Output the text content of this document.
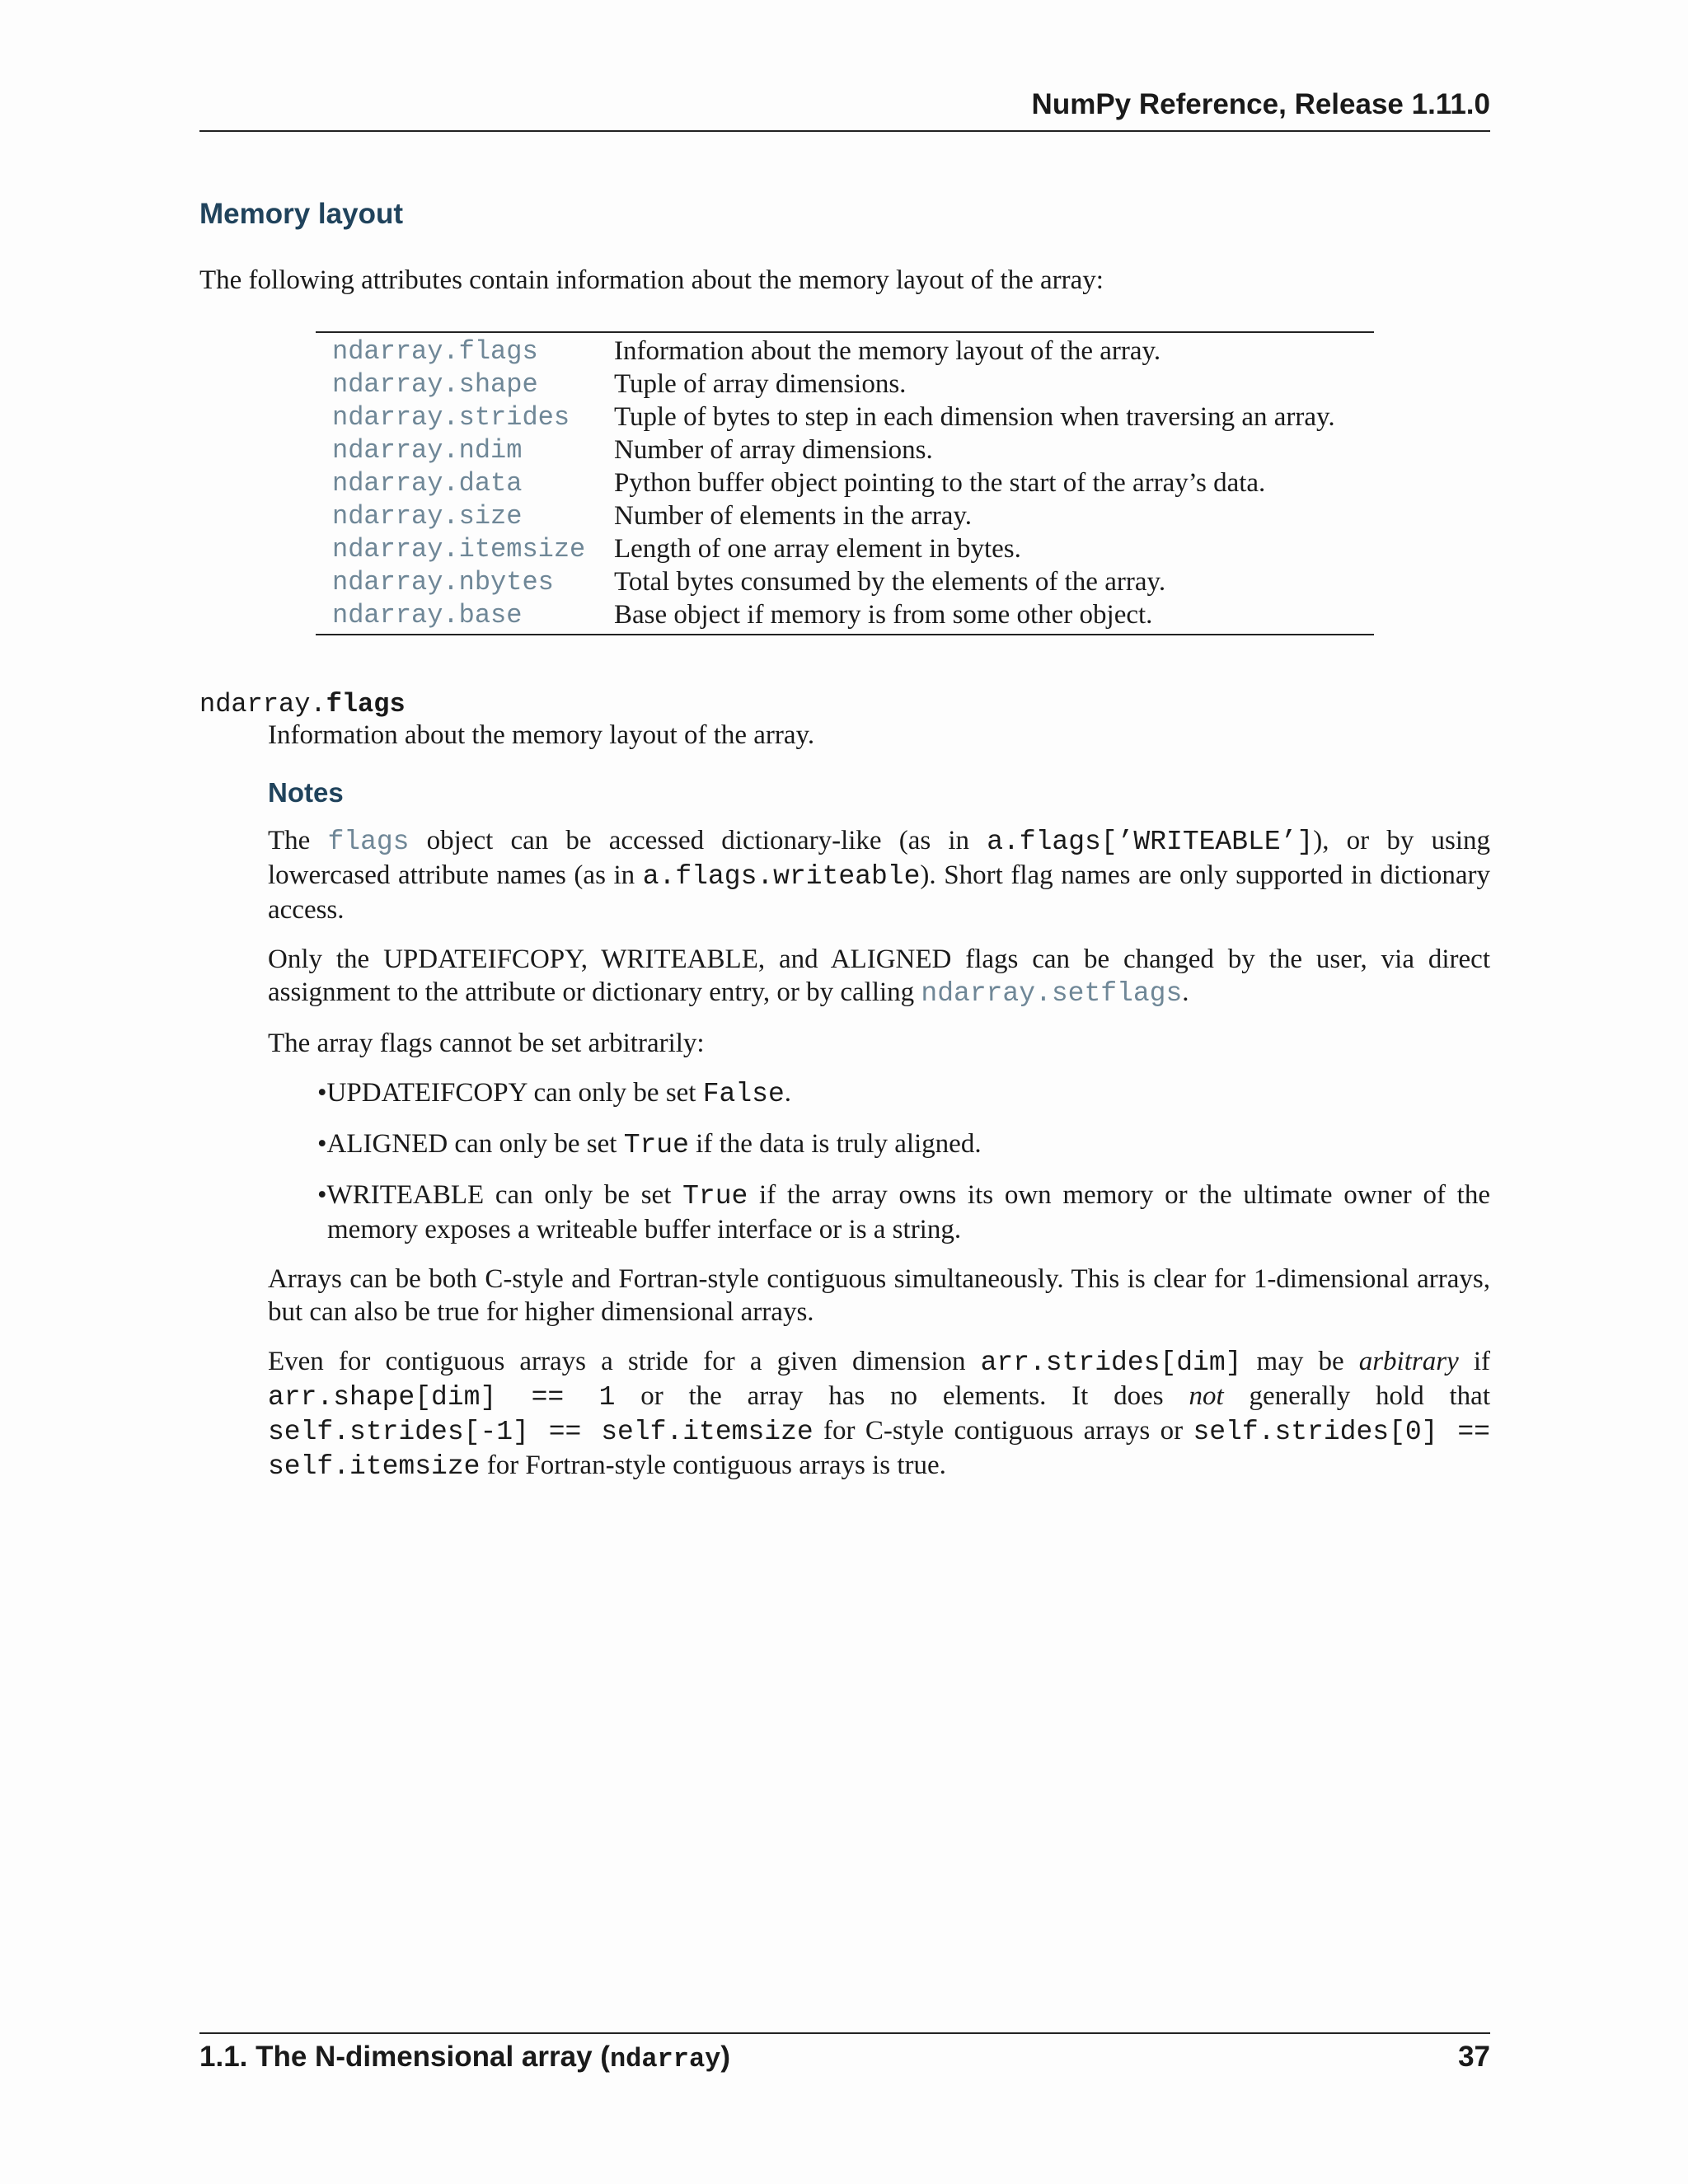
NumPy Reference, Release 1.11.0
Memory layout
The following attributes contain information about the memory layout of the array:
ndarray.flags	Information about the memory layout of the array.
ndarray.shape	Tuple of array dimensions.
ndarray.strides	Tuple of bytes to step in each dimension when traversing an array.
ndarray.ndim	Number of array dimensions.
ndarray.data	Python buffer object pointing to the start of the array’s data.
ndarray.size	Number of elements in the array.
ndarray.itemsize	Length of one array element in bytes.
ndarray.nbytes	Total bytes consumed by the elements of the array.
ndarray.base	Base object if memory is from some other object.
ndarray.flags

Information about the memory layout of the array.

Notes

The flags object can be accessed dictionary-like (as in a.flags[’WRITEABLE’]), or by using lowercased attribute names (as in a.flags.writeable). Short flag names are only supported in dictionary access.

Only the UPDATEIFCOPY, WRITEABLE, and ALIGNED flags can be changed by the user, via direct assignment to the attribute or dictionary entry, or by calling ndarray.setflags.

The array flags cannot be set arbitrarily:

•UPDATEIFCOPY can only be set False.

•ALIGNED can only be set True if the data is truly aligned.

•WRITEABLE can only be set True if the array owns its own memory or the ultimate owner of the memory exposes a writeable buffer interface or is a string.

Arrays can be both C-style and Fortran-style contiguous simultaneously. This is clear for 1-dimensional arrays, but can also be true for higher dimensional arrays.

Even for contiguous arrays a stride for a given dimension arr.strides[dim] may be arbitrary if arr.shape[dim] == 1 or the array has no elements. It does not generally hold that self.strides[-1] == self.itemsize for C-style contiguous arrays or self.strides[0] == self.itemsize for Fortran-style contiguous arrays is true.

1.1. The N-dimensional array (ndarray)	37
